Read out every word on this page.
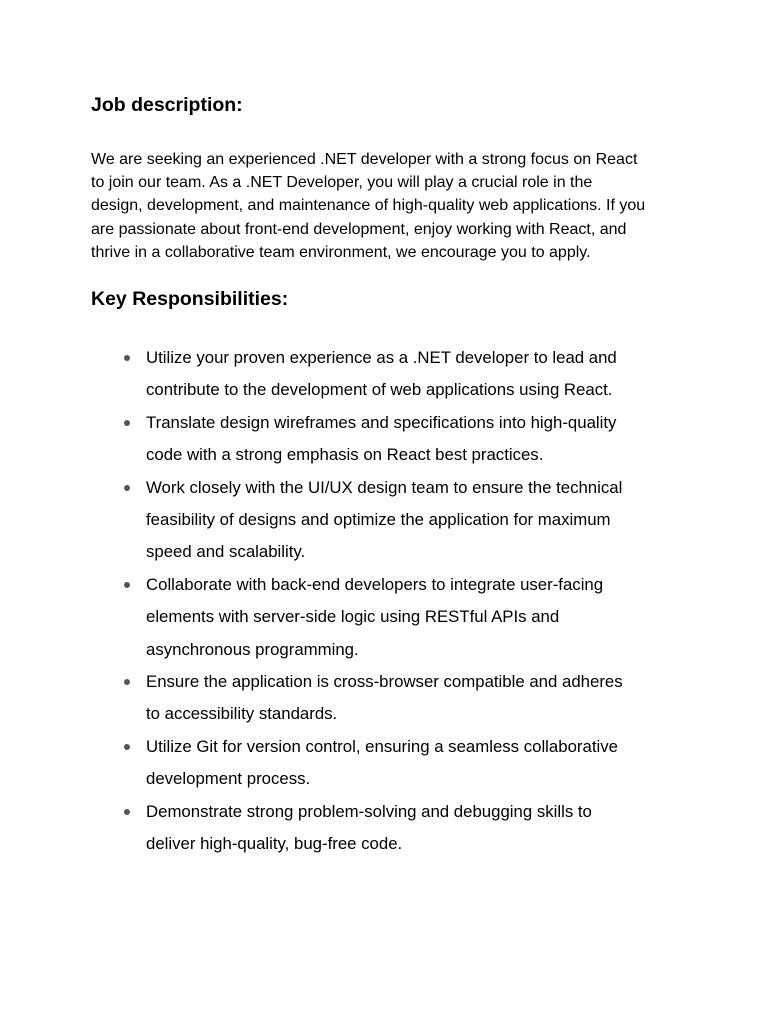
Job description:

We are seeking an experienced .NET developer with a strong focus on React
to join our team. As a .NET Developer, you will play a crucial role in the
design, development, and maintenance of high-quality web applications. If you
are passionate about front-end development, enjoy working with React, and
thrive in a collaborative team environment, we encourage you to apply.

Key Responsibilities:
Utilize your proven experience as a .NET developer to lead and
contribute to the development of web applications using React.
Translate design wireframes and specifications into high-quality
code with a strong emphasis on React best practices.
Work closely with the UI/UX design team to ensure the technical
feasibility of designs and optimize the application for maximum
speed and scalability.
Collaborate with back-end developers to integrate user-facing
elements with server-side logic using RESTful APIs and
asynchronous programming.
Ensure the application is cross-browser compatible and adheres
to accessibility standards.
Utilize Git for version control, ensuring a seamless collaborative
development process.
Demonstrate strong problem-solving and debugging skills to
deliver high-quality, bug-free code.
